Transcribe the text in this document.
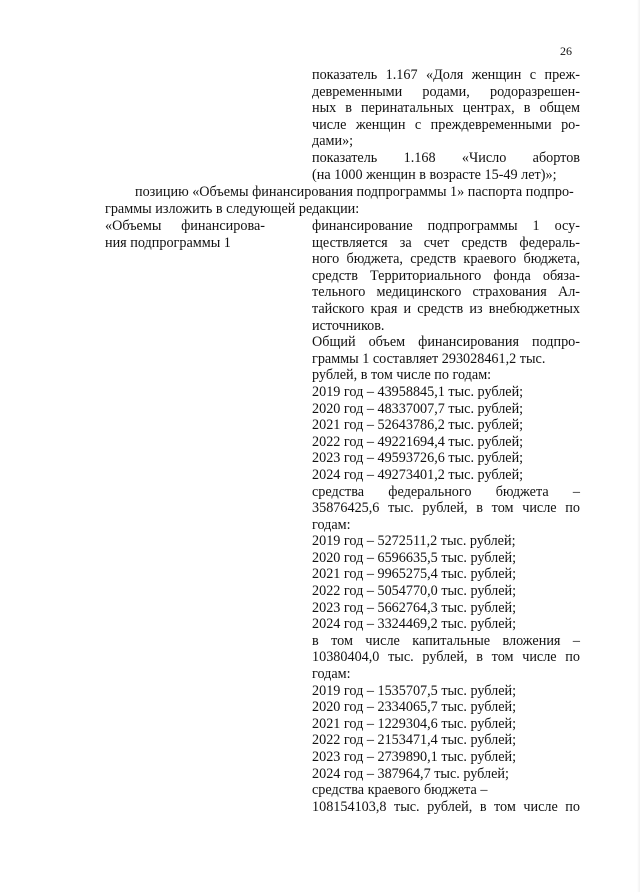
26
показатель 1.167 «Доля женщин с преж-
девременными родами, родоразрешен-
ных в перинатальных центрах, в общем
числе женщин с преждевременными ро-
дами»;
показатель 1.168 «Число абортов
(на 1000 женщин в возрасте 15-49 лет)»;
позицию «Объемы финансирования подпрограммы 1» паспорта подпро-
граммы изложить в следующей редакции:
«Объемы финансирова-
ния подпрограммы 1
финансирование подпрограммы 1 осу-
ществляется за счет средств федераль-
ного бюджета, средств краевого бюджета,
средств Территориального фонда обяза-
тельного медицинского страхования Ал-
тайского края и средств из внебюджетных
источников.
Общий объем финансирования подпро-
граммы 1 составляет 293028461,2 тыс.
рублей, в том числе по годам:
2019 год – 43958845,1 тыс. рублей;
2020 год – 48337007,7 тыс. рублей;
2021 год – 52643786,2 тыс. рублей;
2022 год – 49221694,4 тыс. рублей;
2023 год – 49593726,6 тыс. рублей;
2024 год – 49273401,2 тыс. рублей;
средства федерального бюджета –
35876425,6 тыс. рублей, в том числе по
годам:
2019 год – 5272511,2 тыс. рублей;
2020 год – 6596635,5 тыс. рублей;
2021 год – 9965275,4 тыс. рублей;
2022 год – 5054770,0 тыс. рублей;
2023 год – 5662764,3 тыс. рублей;
2024 год – 3324469,2 тыс. рублей;
в том числе капитальные вложения –
10380404,0 тыс. рублей, в том числе по
годам:
2019 год – 1535707,5 тыс. рублей;
2020 год – 2334065,7 тыс. рублей;
2021 год – 1229304,6 тыс. рублей;
2022 год – 2153471,4 тыс. рублей;
2023 год – 2739890,1 тыс. рублей;
2024 год – 387964,7 тыс. рублей;
средства краевого бюджета –
108154103,8 тыс. рублей, в том числе по
